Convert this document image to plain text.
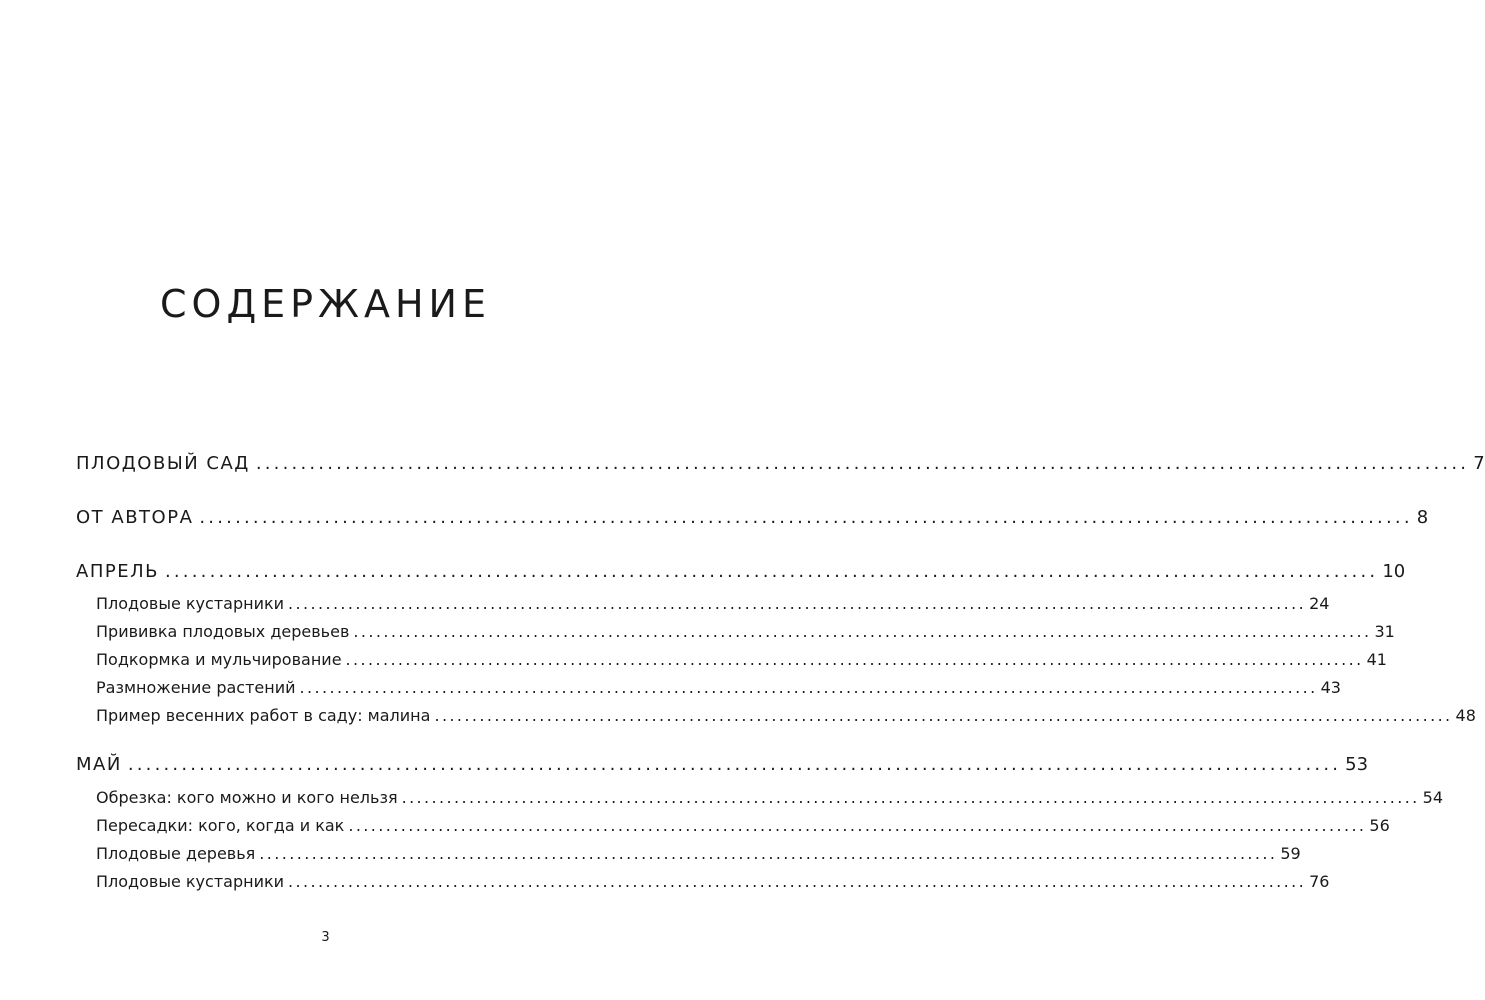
СОДЕРЖАНИЕ
ПЛОДОВЫЙ САД ........................................................................................................................................ 7
ОТ АВТОРА ........................................................................................................................................ 8
АПРЕЛЬ ........................................................................................................................................ 10
Плодовые кустарники ........................................................................................................................................ 24
Прививка плодовых деревьев ........................................................................................................................................ 31
Подкормка и мульчирование ........................................................................................................................................ 41
Размножение растений ........................................................................................................................................ 43
Пример весенних работ в саду: малина ........................................................................................................................................ 48
МАЙ ........................................................................................................................................ 53
Обрезка: кого можно и кого нельзя ........................................................................................................................................ 54
Пересадки: кого, когда и как ........................................................................................................................................ 56
Плодовые деревья ........................................................................................................................................ 59
Плодовые кустарники ........................................................................................................................................ 76
3
